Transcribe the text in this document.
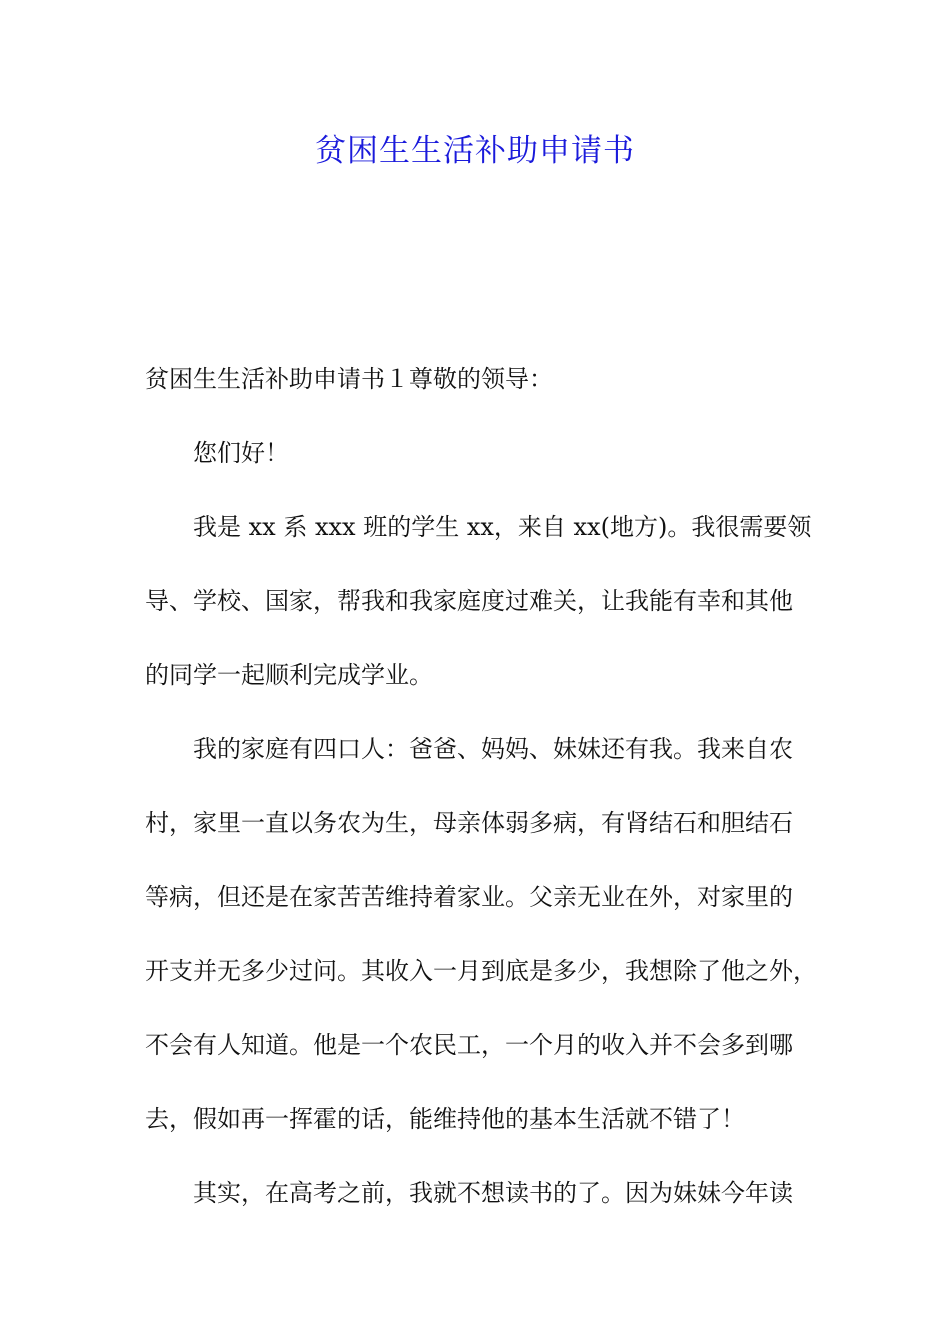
贫困生生活补助申请书
贫困生生活补助申请书１尊敬的领导：
您们好！
我是 xx 系 xxx 班的学生 xx，来自 xx(地方)。我很需要领
导、学校、国家，帮我和我家庭度过难关，让我能有幸和其他
的同学一起顺利完成学业。
我的家庭有四口人：爸爸、妈妈、妹妹还有我。我来自农
村，家里一直以务农为生，母亲体弱多病，有肾结石和胆结石
等病，但还是在家苦苦维持着家业。父亲无业在外，对家里的
开支并无多少过问。其收入一月到底是多少，我想除了他之外，
不会有人知道。他是一个农民工，一个月的收入并不会多到哪
去，假如再一挥霍的话，能维持他的基本生活就不错了！
其实，在高考之前，我就不想读书的了。因为妹妹今年读
